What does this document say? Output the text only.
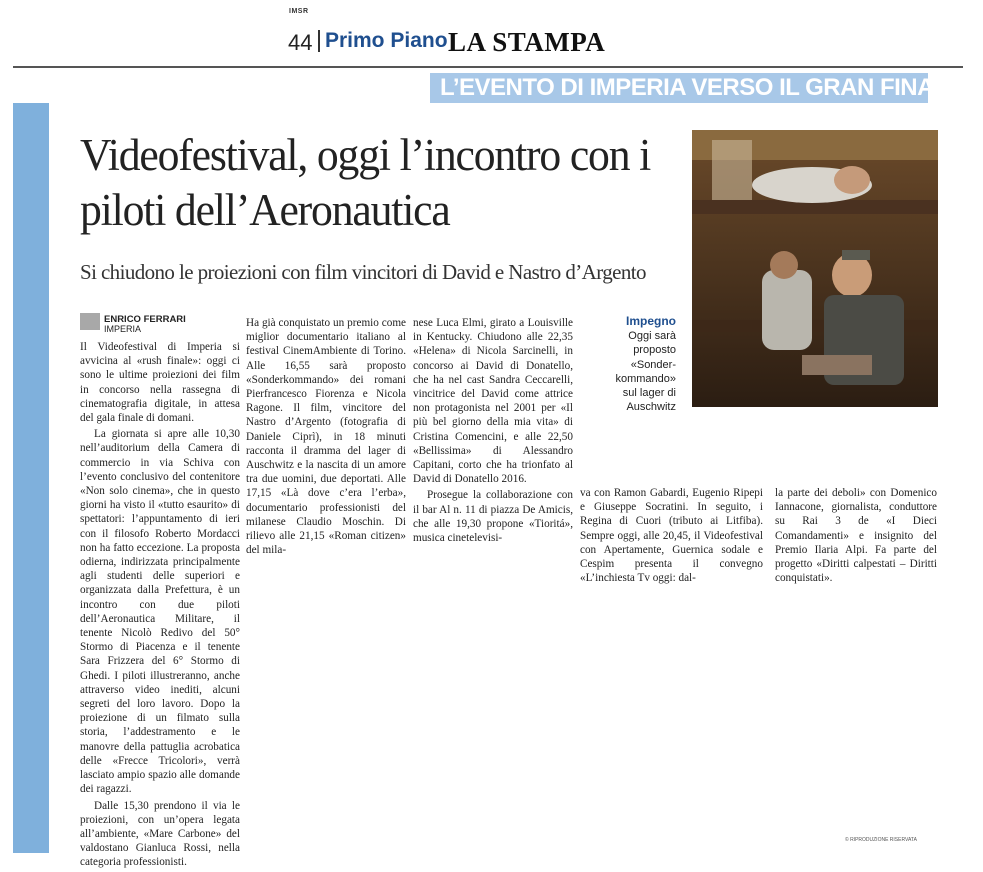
IMSR
44 Primo Piano LA STAMPA
L’EVENTO DI IMPERIA VERSO IL GRAN FINALE
Videofestival, oggi l’incontro con i piloti dell’Aeronautica
Si chiudono le proiezioni con film vincitori di David e Nastro d’Argento
Impegno
Oggi sarà proposto «Sonder-kommando» sul lager di Auschwitz
ENRICO FERRARI
IMPERIA

Il Videofestival di Imperia si avvicina al «rush finale»: oggi ci sono le ultime proiezioni dei film in concorso nella rassegna di cinematografia digitale, in attesa del gala finale di domani.

La giornata si apre alle 10,30 nell’auditorium della Camera di commercio in via Schiva con l’evento conclusivo del contenitore «Non solo cinema», che in questo giorni ha visto il «tutto esaurito» di spettatori: l’appuntamento di ieri con il filosofo Roberto Mordacci non ha fatto eccezione. La proposta odierna, indirizzata principalmente agli studenti delle superiori e organizzata dalla Prefettura, è un incontro con due piloti dell’Aeronautica Militare, il tenente Nicolò Redivo del 50° Stormo di Piacenza e il tenente Sara Frizzera del 6° Stormo di Ghedi. I piloti illustreranno, anche attraverso video inediti, alcuni segreti del loro lavoro. Dopo la proiezione di un filmato sulla storia, l’addestramento e le manovre della pattuglia acrobatica delle «Frecce Tricolori», verrà lasciato ampio spazio alle domande dei ragazzi.

Dalle 15,30 prendono il via le proiezioni, con un’opera legata all’ambiente, «Mare Carbone» del valdostano Gianluca Rossi, nella categoria professionisti.

Ha già conquistato un premio come miglior documentario italiano al festival CinemAmbiente di Torino. Alle 16,55 sarà proposto «Sonderkommando» dei romani Pierfrancesco Fiorenza e Nicola Ragone. Il film, vincitore del Nastro d’Argento (fotografia di Daniele Ciprì), in 18 minuti racconta il dramma del lager di Auschwitz e la nascita di un amore tra due uomini, due deportati. Alle 17,15 «Là dove c’era l’erba», documentario professionisti del milanese Claudio Moschin. Di rilievo alle 21,15 «Roman citizen» del mila-

nese Luca Elmi, girato a Louisville in Kentucky. Chiudono alle 22,35 «Helena» di Nicola Sarcinelli, in concorso ai David di Donatello, che ha nel cast Sandra Ceccarelli, vincitrice del David come attrice non protagonista nel 2001 per «Il più bel giorno della mia vita» di Cristina Comencini, e alle 22,50 «Bellissima» di Alessandro Capitani, corto che ha trionfato al David di Donatello 2016.

Prosegue la collaborazione con il bar Al n. 11 di piazza De Amicis, che alle 19,30 propone «Tioritá», musica cinetelevisi-

va con Ramon Gabardi, Eugenio Ripepi e Giuseppe Socratini. In seguito, i Regina di Cuori (tributo ai Litfiba). Sempre oggi, alle 20,45, il Videofestival con Apertamente, Guernica sodale e Cespim presenta il convegno «L’inchiesta Tv oggi: dal-

la parte dei deboli» con Domenico Iannacone, giornalista, conduttore su Rai 3 de «I Dieci Comandamenti» e insignito del Premio Ilaria Alpi. Fa parte del progetto «Diritti calpestati – Diritti conquistati».

© RIPRODUZIONE RISERVATA
